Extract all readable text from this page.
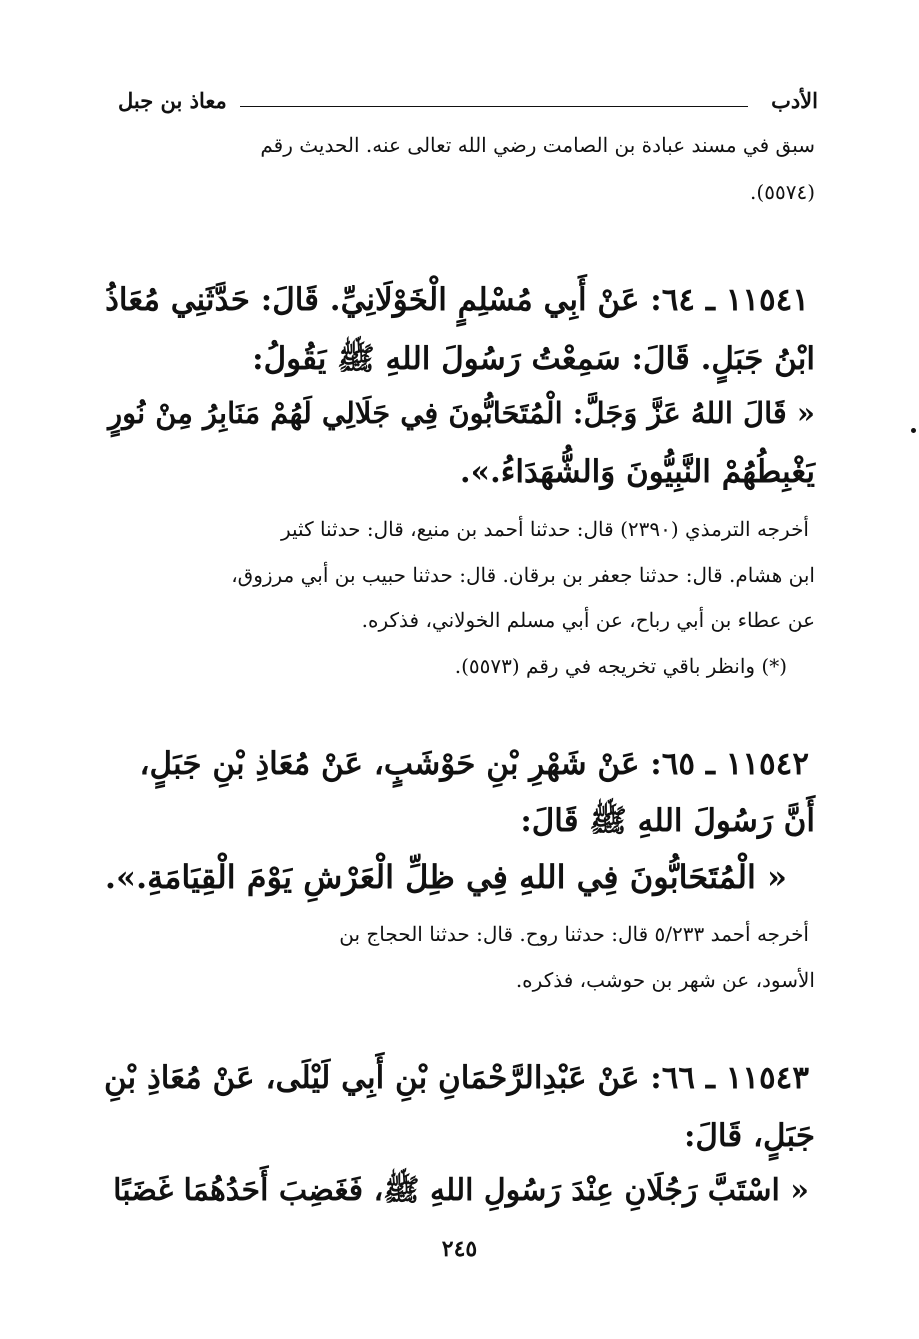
الأدب
معاذ بن جبل
سبق في مسند عبادة بن الصامت رضي الله تعالى عنه. الحديث رقم
(٥٥٧٤).
١١٥٤١ ـ ٦٤: عَنْ أَبِي مُسْلِمٍ الْخَوْلَانِيِّ. قَالَ: حَدَّثَنِي مُعَاذُ
ابْنُ جَبَلٍ. قَالَ: سَمِعْتُ رَسُولَ اللهِ ﷺ يَقُولُ:
« قَالَ اللهُ عَزَّ وَجَلَّ: الْمُتَحَابُّونَ فِي جَلَالِي لَهُمْ مَنَابِرُ مِنْ نُورٍ
يَغْبِطُهُمْ النَّبِيُّونَ وَالشُّهَدَاءُ.».
أخرجه الترمذي (٢٣٩٠) قال: حدثنا أحمد بن منيع، قال: حدثنا كثير
ابن هشام. قال: حدثنا جعفر بن برقان. قال: حدثنا حبيب بن أبي مرزوق،
عن عطاء بن أبي رباح، عن أبي مسلم الخولاني، فذكره.
(*) وانظر باقي تخريجه في رقم (٥٥٧٣).
١١٥٤٢ ـ ٦٥: عَنْ شَهْرِ بْنِ حَوْشَبٍ، عَنْ مُعَاذِ بْنِ جَبَلٍ،
أَنَّ رَسُولَ اللهِ ﷺ قَالَ:
« الْمُتَحَابُّونَ فِي اللهِ فِي ظِلِّ الْعَرْشِ يَوْمَ الْقِيَامَةِ.».
أخرجه أحمد ٥/٢٣٣ قال: حدثنا روح. قال: حدثنا الحجاج بن
الأسود، عن شهر بن حوشب، فذكره.
١١٥٤٣ ـ ٦٦: عَنْ عَبْدِالرَّحْمَانِ بْنِ أَبِي لَيْلَى، عَنْ مُعَاذِ بْنِ
جَبَلٍ، قَالَ:
« اسْتَبَّ رَجُلَانِ عِنْدَ رَسُولِ اللهِ ﷺ، فَغَضِبَ أَحَدُهُمَا غَضَبًا
٢٤٥
